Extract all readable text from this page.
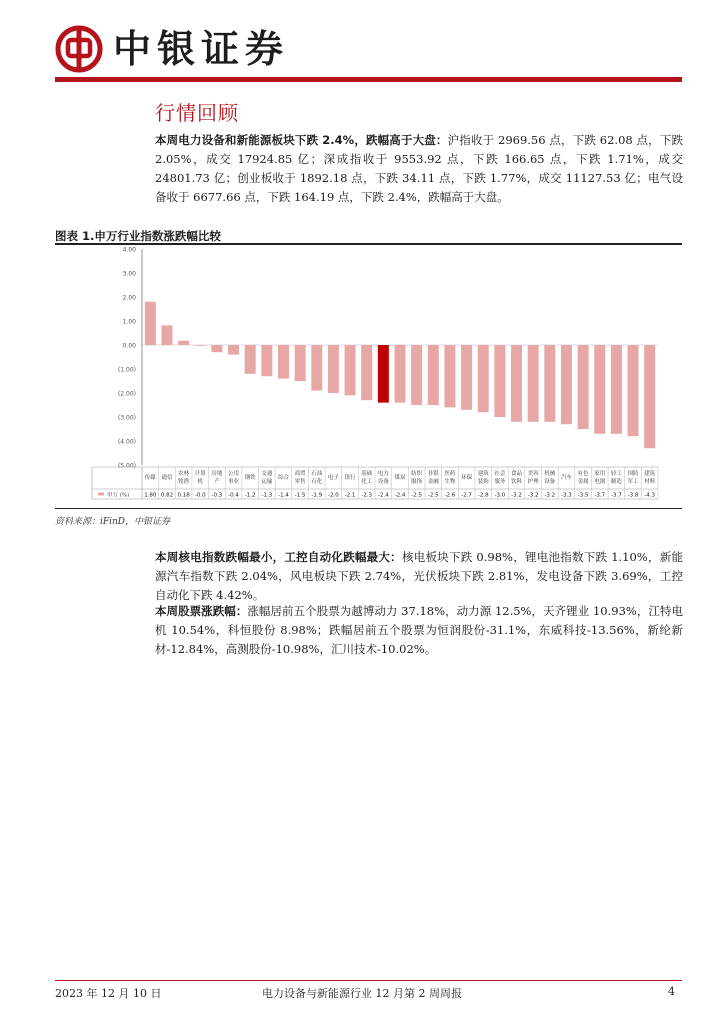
中银证券
行情回顾
本周电力设备和新能源板块下跌 2.4%，跌幅高于大盘：沪指收于 2969.56 点，下跌 62.08 点，下跌 2.05%，成交 17924.85 亿；深成指收于 9553.92 点，下跌 166.65 点，下跌 1.71%，成交 24801.73 亿；创业板收于 1892.18 点，下跌 34.11 点，下跌 1.77%，成交 11127.53 亿；电气设备收于 6677.66 点，下跌 164.19 点，下跌 2.4%，跌幅高于大盘。
图表 1.申万行业指数涨跌幅比较
4.00
3.00
2.00
1.00
0.00
(1.00)
(2.00)
(3.00)
(4.00)
(5.00)
申万 (%)
传媒
1.80
通信
0.82
农林
牧渔
0.18
计算
机
-0.0
房地
产
-0.3
公用
事业
-0.4
钢铁
-1.2
交通
运输
-1.3
综合
-1.4
商贸
零售
-1.5
石油
石化
-1.9
电子
-2.0
银行
-2.1
基础
化工
-2.3
电力
设备
-2.4
煤炭
-2.4
纺织
服饰
-2.5
非银
金融
-2.5
医药
生物
-2.6
环保
-2.7
建筑
装饰
-2.8
社会
服务
-3.0
食品
饮料
-3.2
美容
护理
-3.2
机械
设备
-3.2
汽车
-3.3
有色
金属
-3.5
家用
电器
-3.7
轻工
制造
-3.7
国防
军工
-3.8
建筑
材料
-4.3
资料来源：iFinD，中银证券
本周核电指数跌幅最小，工控自动化跌幅最大：核电板块下跌 0.98%，锂电池指数下跌 1.10%，新能源汽车指数下跌 2.04%，风电板块下跌 2.74%，光伏板块下跌 2.81%，发电设备下跌 3.69%，工控自动化下跌 4.42%。
本周股票涨跌幅：涨幅居前五个股票为越博动力 37.18%，动力源 12.5%，天齐锂业 10.93%，江特电机 10.54%，科恒股份 8.98%；跌幅居前五个股票为恒润股份-31.1%，东威科技-13.56%，新纶新材-12.84%，高测股份-10.98%，汇川技术-10.02%。
2023 年 12 月 10 日	电力设备与新能源行业 12 月第 2 周周报	4
